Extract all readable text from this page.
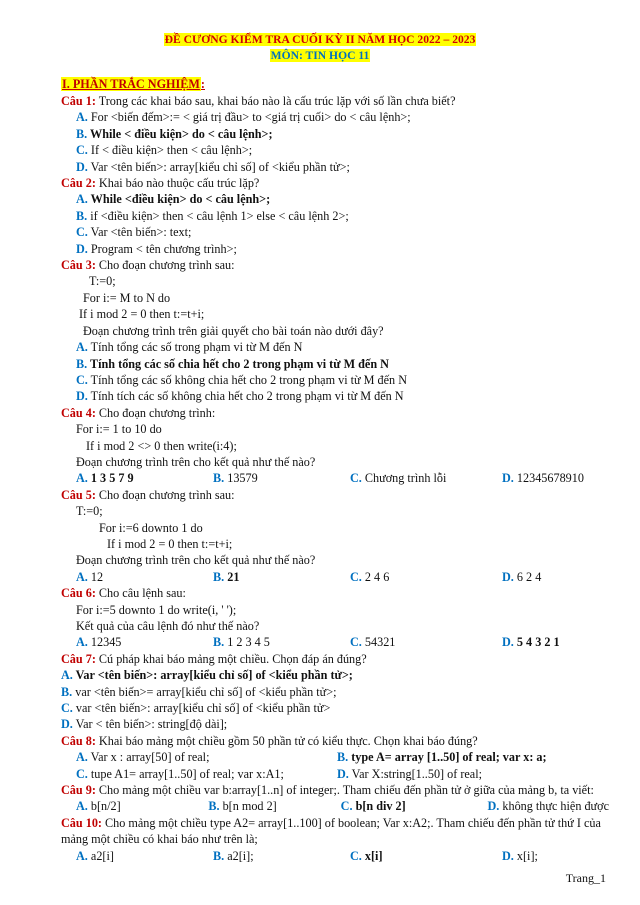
ĐỀ CƯƠNG KIỂM TRA CUỐI KỲ II NĂM HỌC 2022 – 2023
MÔN: TIN HỌC 11
I. PHẦN TRẮC NGHIỆM:

Câu 1: Trong các khai báo sau, khai báo nào là cấu trúc lặp với số lần chưa biết?

A. For <biến đếm>:= < giá trị đầu> to <giá trị cuối> do < câu lệnh>;

B. While < điều kiện> do < câu lệnh>;

C. If < điều kiện> then < câu lệnh>;

D. Var <tên biến>: array[kiểu chỉ số] of <kiểu phần tử>;

Câu 2: Khai báo nào thuộc cấu trúc lặp?

A. While <điều kiện> do < câu lệnh>;

B. if <điều kiện> then < câu lệnh 1> else < câu lệnh 2>;

C. Var <tên biến>: text;

D. Program < tên chương trình>;

Câu 3: Cho đoạn chương trình sau:

T:=0;

For i:= M to N do

If i mod 2 = 0 then t:=t+i;

Đoạn chương trình trên giải quyết cho bài toán nào dưới đây?

A. Tính tổng các số trong phạm vi từ M đến N

B. Tính tổng các số chia hết cho 2 trong phạm vi từ M đến N

C. Tính tổng các số không chia hết cho 2 trong phạm vi từ M đến N

D. Tính tích các số không chia hết cho 2 trong phạm vi từ M đến N

Câu 4: Cho đoạn chương trình:

For i:= 1 to 10 do

If i mod 2 <> 0 then write(i:4);

Đoạn chương trình trên cho kết quả như thế nào?

A. 1 3 5 7 9	B. 13579	C. Chương trình lỗi	D. 12345678910

Câu 5: Cho đoạn chương trình sau:

T:=0;

For i:=6 downto 1 do

If i mod 2 = 0 then t:=t+i;

Đoạn chương trình trên cho kết quả như thế nào?

A. 12	B. 21	C. 2 4 6	D. 6 2 4

Câu 6: Cho câu lệnh sau:

For i:=5 downto 1 do write(i, ' ');

Kết quả của câu lệnh đó như thế nào?

A. 12345	B. 1 2 3 4 5	C. 54321	D. 5 4 3 2 1

Câu 7: Cú pháp khai báo mảng một chiều. Chọn đáp án đúng?

A. Var <tên biến>: array[kiểu chỉ số] of <kiểu phần tử>;

B. var <tên biến>= array[kiểu chỉ số] of <kiểu phần tử>;

C. var <tên biến>: array[kiểu chỉ số] of <kiểu phần tử>

D. Var < tên biến>: string[độ dài];

Câu 8: Khai báo mảng một chiều gồm 50 phần tử có kiểu thực. Chọn khai báo đúng?

A. Var x : array[50] of real;	B. type A= array [1..50] of real; var x: a;
C. tupe A1= array[1..50] of real; var x:A1;	D. Var X:string[1..50] of real;

Câu 9: Cho mảng một chiều var b:array[1..n] of integer;. Tham chiếu đến phần tử ở giữa của mảng b, ta viết:

A. b[n/2]	B. b[n mod 2]	C. b[n div 2]	D. không thực hiện được

Câu 10: Cho mảng một chiều type A2= array[1..100] of boolean; Var x:A2;. Tham chiếu đến phần tử thứ I của mảng một chiều có khai báo như trên là;

A. a2[i]	B. a2[i];	C. x[i]	D. x[i];
Trang_1
